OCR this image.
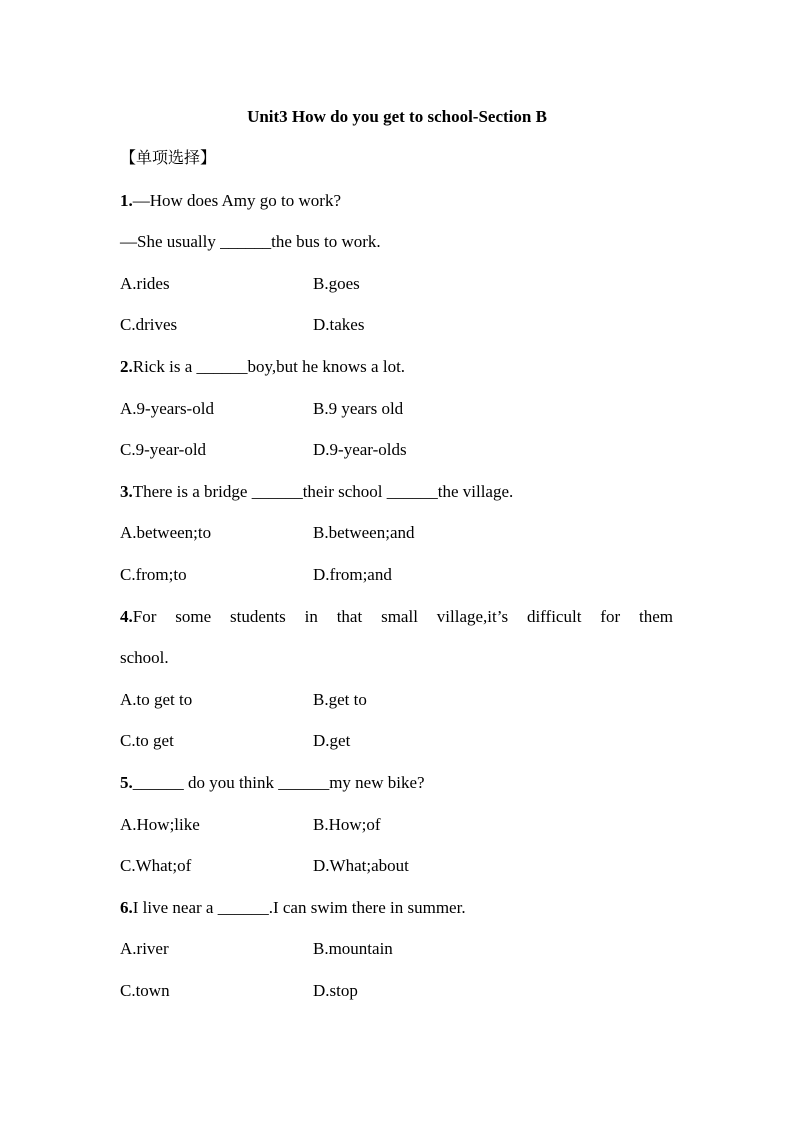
Unit3 How do you get to school-Section B
【单项选择】
1.—How does Amy go to work?
—She usually ______the bus to work.
A.rides	B.goes
C.drives	D.takes
2.Rick is a ______boy,but he knows a lot.
A.9-years-old	B.9 years old
C.9-year-old	D.9-year-olds
3.There is a bridge ______their school ______the village.
A.between;to	B.between;and
C.from;to	D.from;and
4.For some students in that small village,it’s difficult for them
school.
A.to get to	B.get to
C.to get	D.get
5.______ do you think ______my new bike?
A.How;like	B.How;of
C.What;of	D.What;about
6.I live near a ______.I can swim there in summer.
A.river	B.mountain
C.town	D.stop
